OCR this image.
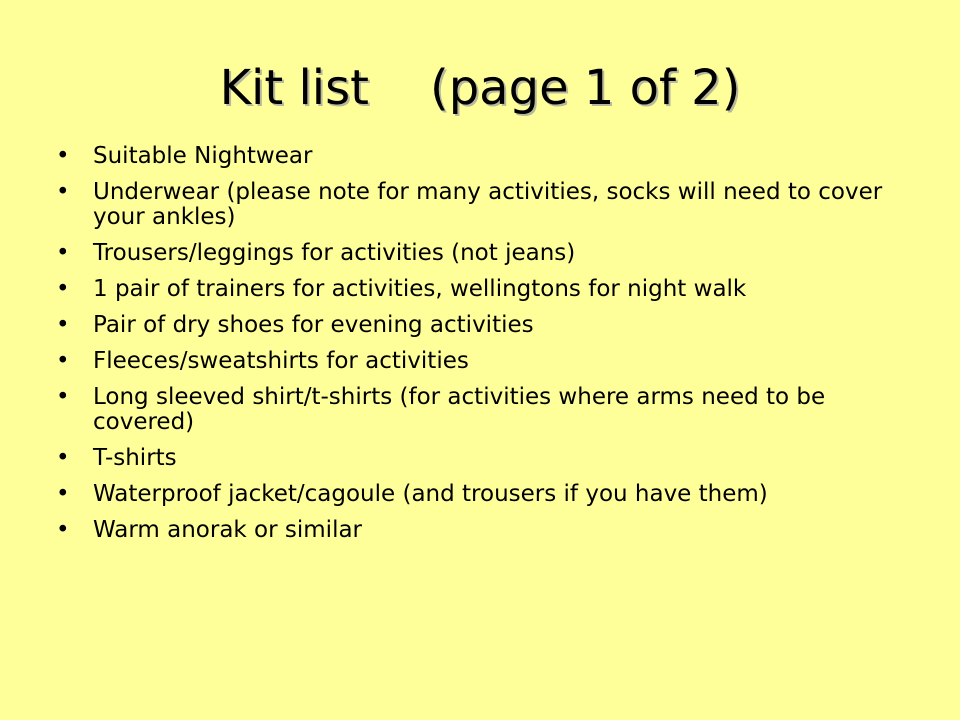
Kit list    (page 1 of 2)
• Suitable Nightwear
• Underwear (please note for many activities, socks will need to cover your ankles)
• Trousers/leggings for activities (not jeans)
• 1 pair of trainers for activities, wellingtons for night walk
• Pair of dry shoes for evening activities
• Fleeces/sweatshirts for activities
• Long sleeved shirt/t-shirts (for activities where arms need to be covered)
• T-shirts
• Waterproof jacket/cagoule (and trousers if you have them)
• Warm anorak or similar
